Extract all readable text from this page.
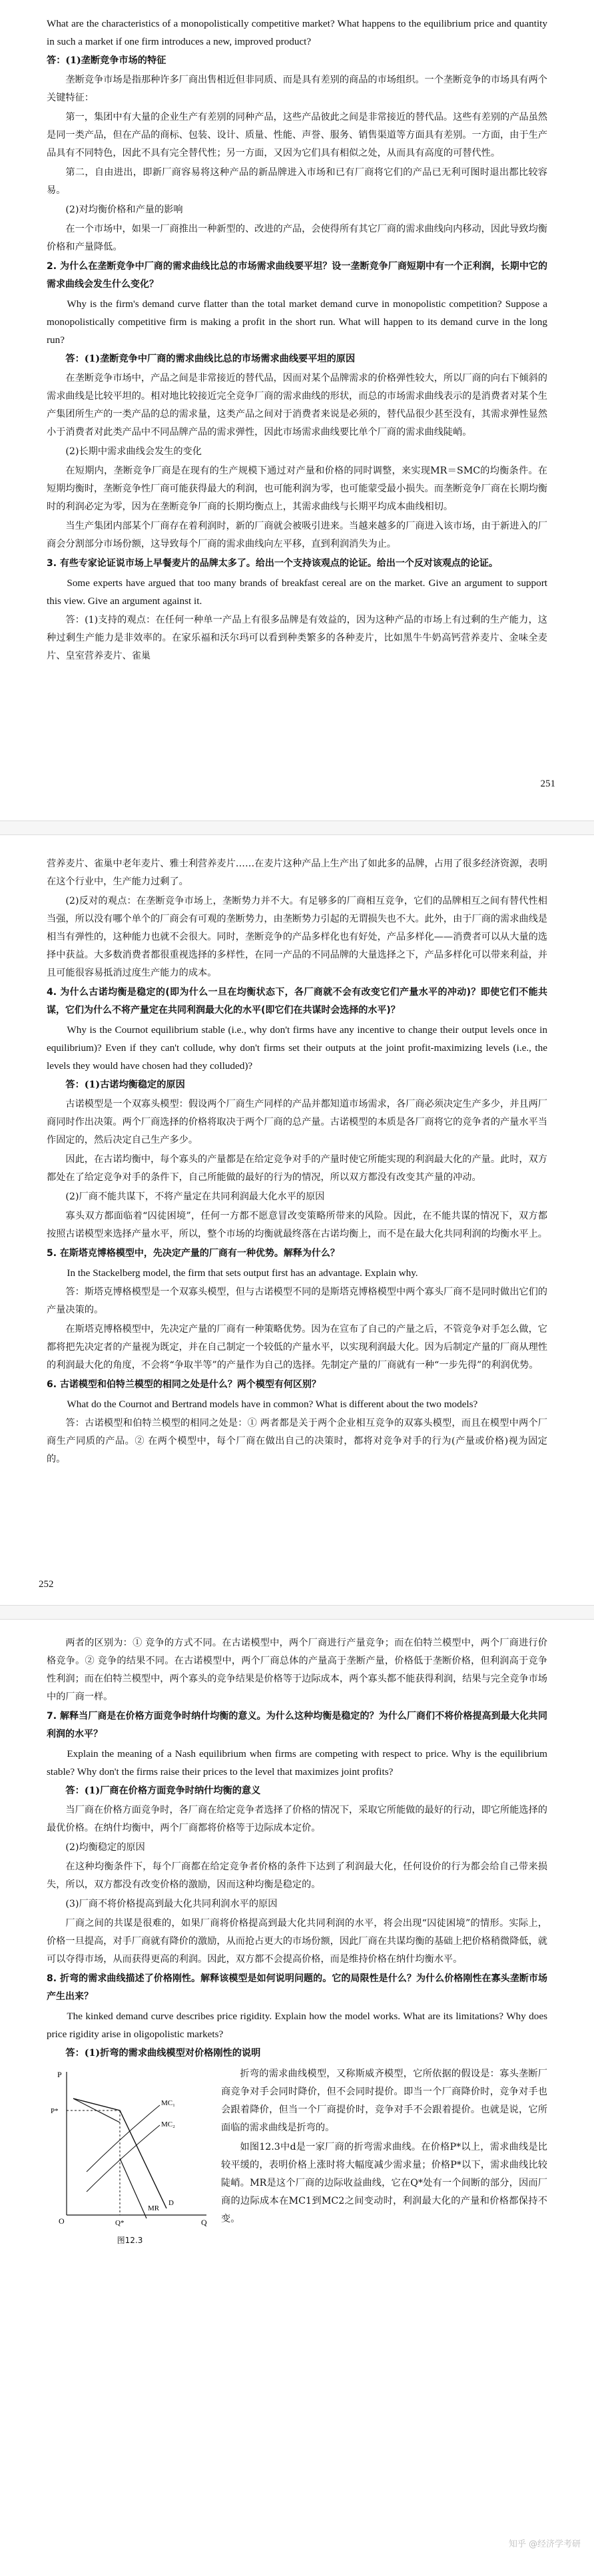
What are the characteristics of a monopolistically competitive market? What happens to the equilibrium price and quantity in such a market if one firm introduces a new, improved product?

答：(1)垄断竞争市场的特征

垄断竞争市场是指那种许多厂商出售相近但非同质、而是具有差别的商品的市场组织。一个垄断竞争的市场具有两个关键特征：

第一，集团中有大量的企业生产有差别的同种产品，这些产品彼此之间是非常接近的替代品。这些有差别的产品虽然是同一类产品，但在产品的商标、包装、设计、质量、性能、声誉、服务、销售渠道等方面具有差别。一方面，由于生产品具有不同特色，因此不具有完全替代性；另一方面，又因为它们具有相似之处，从而具有高度的可替代性。

第二，自由进出，即新厂商容易将这种产品的新品牌进入市场和已有厂商将它们的产品已无利可图时退出都比较容易。

(2)对均衡价格和产量的影响

在一个市场中，如果一厂商推出一种新型的、改进的产品，会使得所有其它厂商的需求曲线向内移动，因此导致均衡价格和产量降低。

2. 为什么在垄断竞争中厂商的需求曲线比总的市场需求曲线要平坦？设一垄断竞争厂商短期中有一个正利润，长期中它的需求曲线会发生什么变化？

Why is the firm's demand curve flatter than the total market demand curve in monopolistic competition? Suppose a monopolistically competitive firm is making a profit in the short run. What will happen to its demand curve in the long run?

答：(1)垄断竞争中厂商的需求曲线比总的市场需求曲线要平坦的原因

在垄断竞争市场中，产品之间是非常接近的替代品，因而对某个品牌需求的价格弹性较大，所以厂商的向右下倾斜的需求曲线是比较平坦的。相对地比较接近完全竞争厂商的需求曲线的形状，而总的市场需求曲线表示的是消费者对某个生产集团所生产的一类产品的总的需求量，这类产品之间对于消费者来说是必须的，替代品很少甚至没有，其需求弹性显然小于消费者对此类产品中不同品牌产品的需求弹性，因此市场需求曲线要比单个厂商的需求曲线陡峭。

(2)长期中需求曲线会发生的变化

在短期内，垄断竞争厂商是在现有的生产规模下通过对产量和价格的同时调整，来实现MR＝SMC的均衡条件。在短期均衡时，垄断竞争性厂商可能获得最大的利润，也可能利润为零，也可能蒙受最小损失。而垄断竞争厂商在长期均衡时的利润必定为零，因为在垄断竞争厂商的长期均衡点上，其需求曲线与长期平均成本曲线相切。

当生产集团内部某个厂商存在着利润时，新的厂商就会被吸引进来。当越来越多的厂商进入该市场，由于新进入的厂商会分割部分市场份额，这导致每个厂商的需求曲线向左平移，直到利润消失为止。

3. 有些专家论证说市场上早餐麦片的品牌太多了。给出一个支持该观点的论证。给出一个反对该观点的论证。

Some experts have argued that too many brands of breakfast cereal are on the market. Give an argument to support this view. Give an argument against it.

答：(1)支持的观点：在任何一种单一产品上有很多品牌是有效益的，因为这种产品的市场上有过剩的生产能力，这种过剩生产能力是非效率的。在家乐福和沃尔玛可以看到种类繁多的各种麦片，比如黑牛牛奶高钙营养麦片、金味全麦片、皇室营养麦片、雀巢

251

营养麦片、雀巢中老年麦片、雅士利营养麦片……在麦片这种产品上生产出了如此多的品牌，占用了很多经济资源，表明在这个行业中，生产能力过剩了。

(2)反对的观点：在垄断竞争市场上，垄断势力并不大。有足够多的厂商相互竞争，它们的品牌相互之间有替代性相当强，所以没有哪个单个的厂商会有可观的垄断势力，由垄断势力引起的无谓损失也不大。此外，由于厂商的需求曲线是相当有弹性的，这种能力也就不会很大。同时，垄断竞争的产品多样化也有好处，产品多样化——消费者可以从大量的选择中获益。大多数消费者都很重视选择的多样性，在同一产品的不同品牌的大量选择之下，产品多样化可以带来利益，并且可能很容易抵消过度生产能力的成本。

4. 为什么古诺均衡是稳定的(即为什么一旦在均衡状态下，各厂商就不会有改变它们产量水平的冲动)？即使它们不能共谋，它们为什么不将产量定在共同利润最大化的水平(即它们在共谋时会选择的水平)？

Why is the Cournot equilibrium stable (i.e., why don't firms have any incentive to change their output levels once in equilibrium)? Even if they can't collude, why don't firms set their outputs at the joint profit-maximizing levels (i.e., the levels they would have chosen had they colluded)?

答：(1)古诺均衡稳定的原因

古诺模型是一个双寡头模型：假设两个厂商生产同样的产品并都知道市场需求，各厂商必须决定生产多少，并且两厂商同时作出决策。两个厂商选择的价格将取决于两个厂商的总产量。古诺模型的本质是各厂商将它的竞争者的产量水平当作固定的，然后决定自己生产多少。

因此，在古诺均衡中，每个寡头的产量都是在给定竞争对手的产量时使它所能实现的利润最大化的产量。此时，双方都处在了给定竞争对手的条件下，自己所能做的最好的行为的情况，所以双方都没有改变其产量的冲动。

(2)厂商不能共谋下，不将产量定在共同利润最大化水平的原因

寡头双方都面临着“囚徒困境”，任何一方都不愿意冒改变策略所带来的风险。因此，在不能共谋的情况下，双方都按照古诺模型来选择产量水平，所以，整个市场的均衡就最终落在古诺均衡上，而不是在最大化共同利润的均衡水平上。

5. 在斯塔克博格模型中，先决定产量的厂商有一种优势。解释为什么？

In the Stackelberg model, the firm that sets output first has an advantage. Explain why.

答：斯塔克博格模型是一个双寡头模型，但与古诺模型不同的是斯塔克博格模型中两个寡头厂商不是同时做出它们的产量决策的。

在斯塔克博格模型中，先决定产量的厂商有一种策略优势。因为在宣布了自己的产量之后，不管竞争对手怎么做，它都将把先决定者的产量视为既定，并在自己制定一个较低的产量水平，以实现利润最大化。因为后制定产量的厂商从理性的利润最大化的角度，不会将“争取半等”的产量作为自己的选择。先制定产量的厂商就有一种“一步先得”的利润优势。

6. 古诺模型和伯特兰模型的相同之处是什么？两个模型有何区别？

What do the Cournot and Bertrand models have in common? What is different about the two models?

答：古诺模型和伯特兰模型的相同之处是：① 两者都是关于两个企业相互竞争的双寡头模型，而且在模型中两个厂商生产同质的产品。② 在两个模型中，每个厂商在做出自己的决策时，都将对竞争对手的行为(产量或价格)视为固定的。

252

两者的区别为：① 竞争的方式不同。在古诺模型中，两个厂商进行产量竞争；而在伯特兰模型中，两个厂商进行价格竞争。② 竞争的结果不同。在古诺模型中，两个厂商总体的产量高于垄断产量，价格低于垄断价格，但利润高于竞争性利润；而在伯特兰模型中，两个寡头的竞争结果是价格等于边际成本，两个寡头都不能获得利润，结果与完全竞争市场中的厂商一样。

7. 解释当厂商是在价格方面竞争时纳什均衡的意义。为什么这种均衡是稳定的？为什么厂商们不将价格提高到最大化共同利润的水平？

Explain the meaning of a Nash equilibrium when firms are competing with respect to price. Why is the equilibrium stable? Why don't the firms raise their prices to the level that maximizes joint profits?

答：(1)厂商在价格方面竞争时纳什均衡的意义

当厂商在价格方面竞争时，各厂商在给定竞争者选择了价格的情况下，采取它所能做的最好的行动，即它所能选择的最优价格。在纳什均衡中，两个厂商都将价格等于边际成本定价。

(2)均衡稳定的原因

在这种均衡条件下，每个厂商都在给定竞争者价格的条件下达到了利润最大化，任何设价的行为都会给自己带来损失，所以，双方都没有改变价格的激励，因而这种均衡是稳定的。

(3)厂商不将价格提高到最大化共同利润水平的原因

厂商之间的共谋是很难的，如果厂商将价格提高到最大化共同利润的水平，将会出现“囚徒困境”的情形。实际上，价格一旦提高，对手厂商就有降价的激励，从而抢占更大的市场份额，因此厂商在共谋均衡的基础上把价格稍微降低，就可以夺得市场，从而获得更高的利润。因此，双方都不会提高价格，而是维持价格在纳什均衡水平。

8. 折弯的需求曲线描述了价格刚性。解释该模型是如何说明问题的。它的局限性是什么？为什么价格刚性在寡头垄断市场产生出来？

The kinked demand curve describes price rigidity. Explain how the model works. What are its limitations? Why does price rigidity arise in oligopolistic markets?

答：(1)折弯的需求曲线模型对价格刚性的说明

P
P*
MC₁
MC₂
MR
D
O	Q*	Q
图12.3

折弯的需求曲线模型，又称斯威齐模型，它所依据的假设是：寡头垄断厂商竞争对手会同时降价，但不会同时提价。即当一个厂商降价时，竞争对手也会跟着降价，但当一个厂商提价时，竞争对手不会跟着提价。也就是说，它所面临的需求曲线是折弯的。

如图12.3中d是一家厂商的折弯需求曲线。在价格P*以上，需求曲线是比较平缓的，表明价格上涨时将大幅度减少需求量；价格P*以下，需求曲线比较陡峭。MR是这个厂商的边际收益曲线，它在Q*处有一个间断的部分，因而厂商的边际成本在MC1到MC2之间变动时，利润最大化的产量和价格都保持不变。

知乎 @经济学考研
